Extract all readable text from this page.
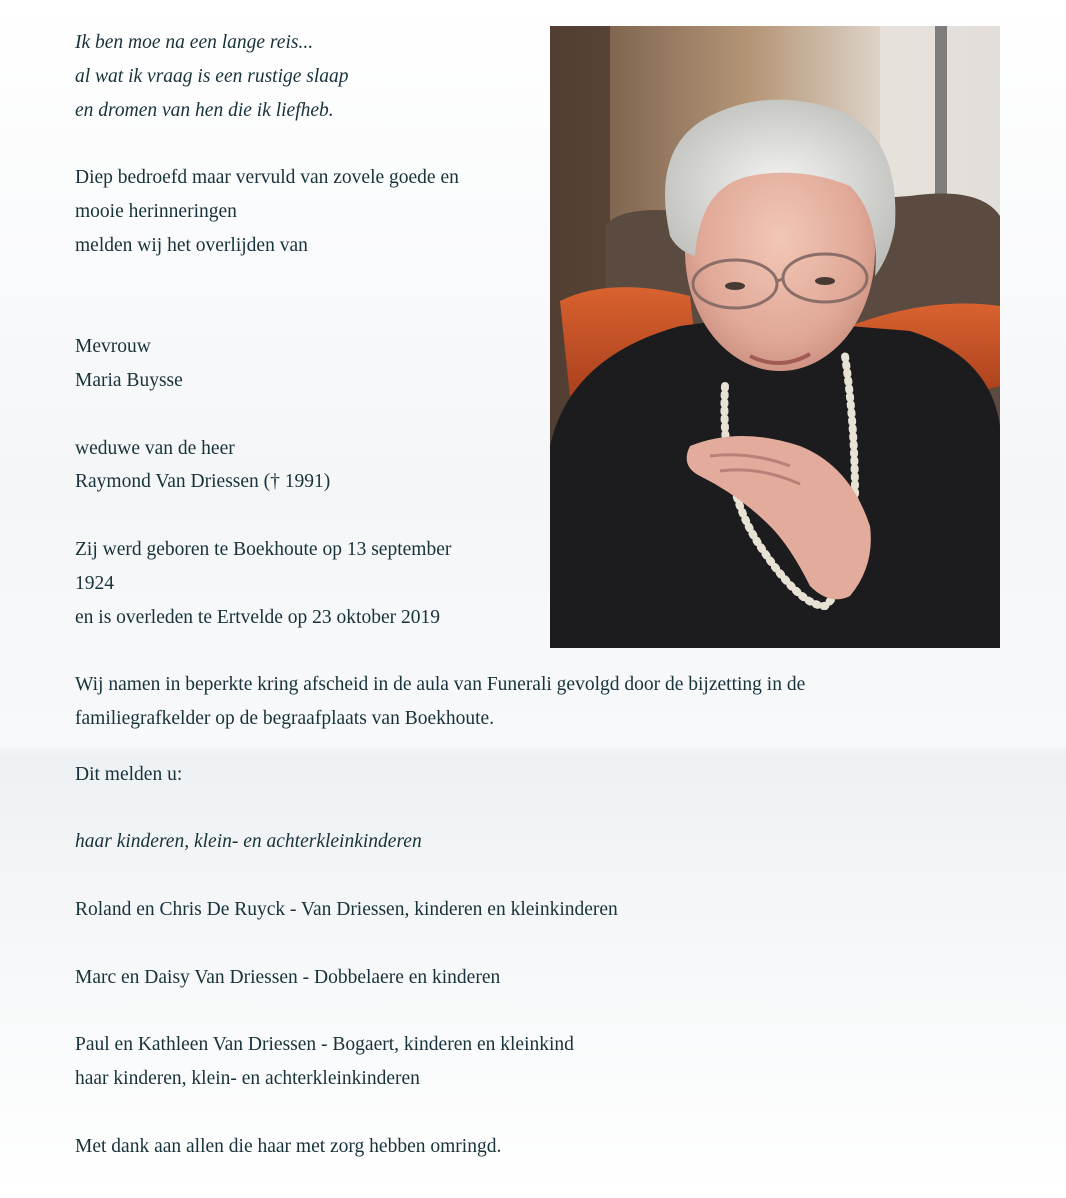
Ik ben moe na een lange reis...
al wat ik vraag is een rustige slaap
en dromen van hen die ik liefheb.
Diep bedroefd maar vervuld van zovele goede en
mooie herinneringen
melden wij het overlijden van
Mevrouw
Maria Buysse
weduwe van de heer
Raymond Van Driessen († 1991)
Zij werd geboren te Boekhoute op 13 september
1924
en is overleden te Ertvelde op 23 oktober 2019
Wij namen in beperkte kring afscheid in de aula van Funerali gevolgd door de bijzetting in de
familiegrafkelder op de begraafplaats van Boekhoute.
Dit melden u:
haar kinderen, klein- en achterkleinkinderen
Roland en Chris De Ruyck - Van Driessen, kinderen en kleinkinderen
Marc en Daisy Van Driessen - Dobbelaere en kinderen
Paul en Kathleen Van Driessen - Bogaert, kinderen en kleinkind
haar kinderen, klein- en achterkleinkinderen
Met dank aan allen die haar met zorg hebben omringd.
